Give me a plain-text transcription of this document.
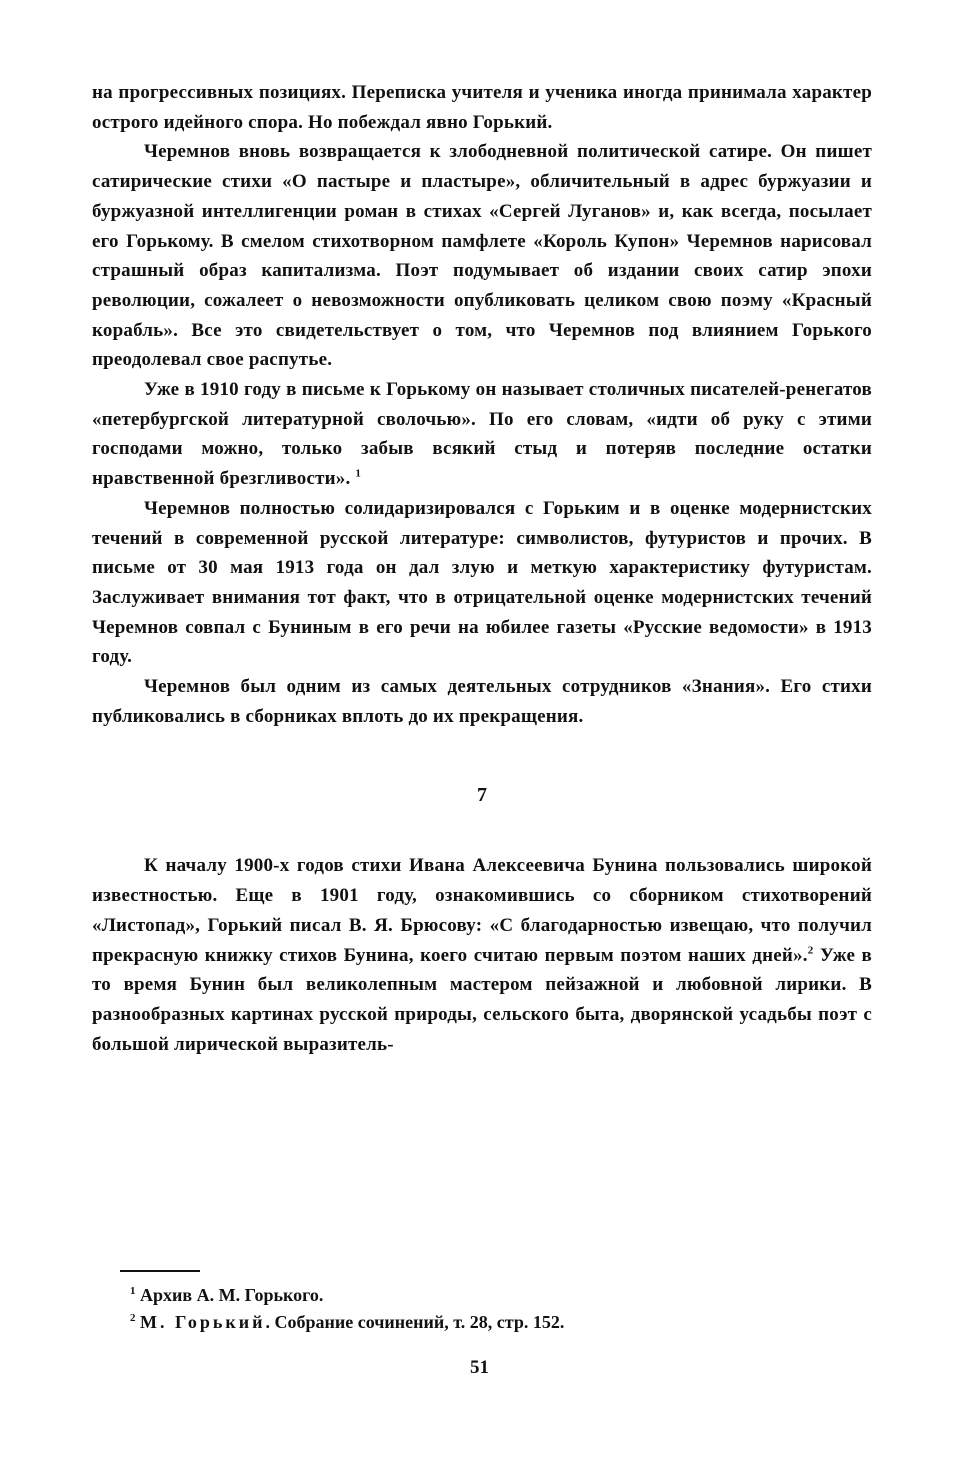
на прогрессивных позициях. Переписка учителя и ученика иногда принимала характер острого идейного спора. Но побеждал явно Горький.

Черемнов вновь возвращается к злободневной политической сатире. Он пишет сатирические стихи «О пастыре и пластыре», обличительный в адрес буржуазии и буржуазной интеллигенции роман в стихах «Сергей Луганов» и, как всегда, посылает его Горькому. В смелом стихотворном памфлете «Король Купон» Черемнов нарисовал страшный образ капитализма. Поэт подумывает об издании своих сатир эпохи революции, сожалеет о невозможности опубликовать целиком свою поэму «Красный корабль». Все это свидетельствует о том, что Черемнов под влиянием Горького преодолевал свое распутье.

Уже в 1910 году в письме к Горькому он называет столичных писателей-ренегатов «петербургской литературной сволочью». По его словам, «идти об руку с этими господами можно, только забыв всякий стыд и потеряв последние остатки нравственной брезгливости». $^1$

Черемнов полностью солидаризировался с Горьким и в оценке модернистских течений в современной русской литературе: символистов, футуристов и прочих. В письме от 30 мая 1913 года он дал злую и меткую характеристику футуристам. Заслуживает внимания тот факт, что в отрицательной оценке модернистских течений Черемнов совпал с Буниным в его речи на юбилее газеты «Русские ведомости» в 1913 году.

Черемнов был одним из самых деятельных сотрудников «Знания». Его стихи публиковались в сборниках вплоть до их прекращения.

7

К началу 1900-х годов стихи Ивана Алексеевича Бунина пользовались широкой известностью. Еще в 1901 году, ознакомившись со сборником стихотворений «Листопад», Горький писал В. Я. Брюсову: «С благодарностью извещаю, что получил прекрасную книжку стихов Бунина, коего считаю первым поэтом наших дней».$^2$ Уже в то время Бунин был великолепным мастером пейзажной и любовной лирики. В разнообразных картинах русской природы, сельского быта, дворянской усадьбы поэт с большой лирической выразитель-

$^1$ Архив А. М. Горького.

$^2$ М. Горький. Собрание сочинений, т. 28, стр. 152.

51
